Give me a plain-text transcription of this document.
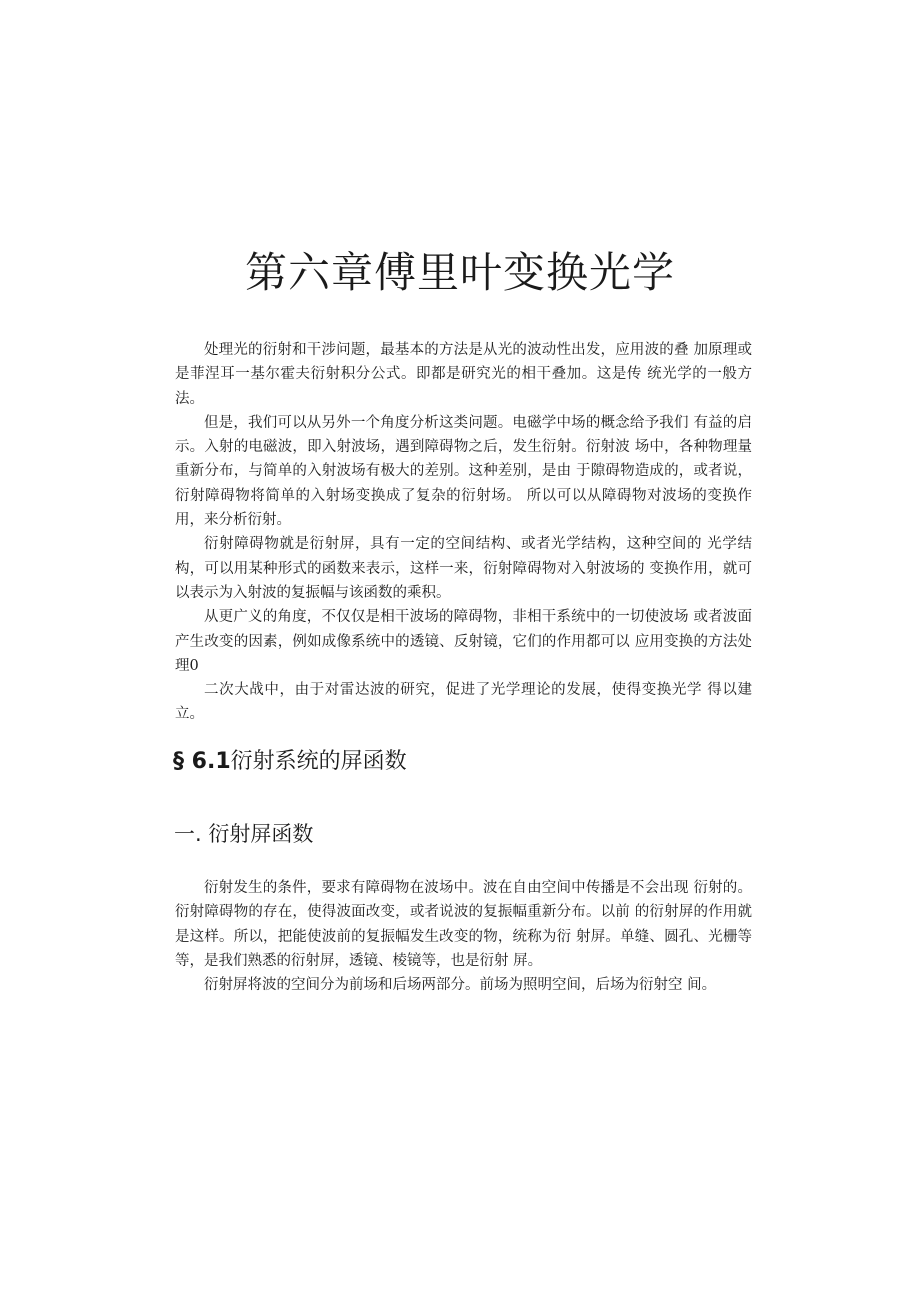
第六章傅里叶变换光学

处理光的衍射和干涉问题，最基本的方法是从光的波动性出发，应用波的叠 加原理或是菲涅耳一基尔霍夫衍射积分公式。即都是研究光的相干叠加。这是传 统光学的一般方法。

但是，我们可以从另外一个角度分析这类问题。电磁学中场的概念给予我们 有益的启示。入射的电磁波，即入射波场，遇到障碍物之后，发生衍射。衍射波 场中，各种物理量重新分布，与简单的入射波场有极大的差别。这种差别，是由 于隙碍物造成的，或者说，衍射障碍物将简单的入射场变换成了复杂的衍射场。 所以可以从障碍物对波场的变换作用，来分析衍射。

衍射障碍物就是衍射屏，具有一定的空间结构、或者光学结构，这种空间的 光学结构，可以用某种形式的函数来表示，这样一来，衍射障碍物对入射波场的 变换作用，就可以表示为入射波的复振幅与该函数的乘积。

从更广义的角度，不仅仅是相干波场的障碍物，非相干系统中的一切使波场 或者波面产生改变的因素，例如成像系统中的透镜、反射镜，它们的作用都可以 应用变换的方法处理0

二次大战中，由于对雷达波的研究，促进了光学理论的发展，使得变换光学 得以建立。

§ 6.1衍射系统的屏函数
一. 衍射屏函数

衍射发生的条件，要求有障碍物在波场中。波在自由空间中传播是不会出现 衍射的。衍射障碍物的存在，使得波面改变，或者说波的复振幅重新分布。以前 的衍射屏的作用就是这样。所以，把能使波前的复振幅发生改变的物，统称为衍 射屏。单缝、圆孔、光栅等等，是我们熟悉的衍射屏，透镜、棱镜等，也是衍射 屏。

衍射屏将波的空间分为前场和后场两部分。前场为照明空间，后场为衍射空 间。
